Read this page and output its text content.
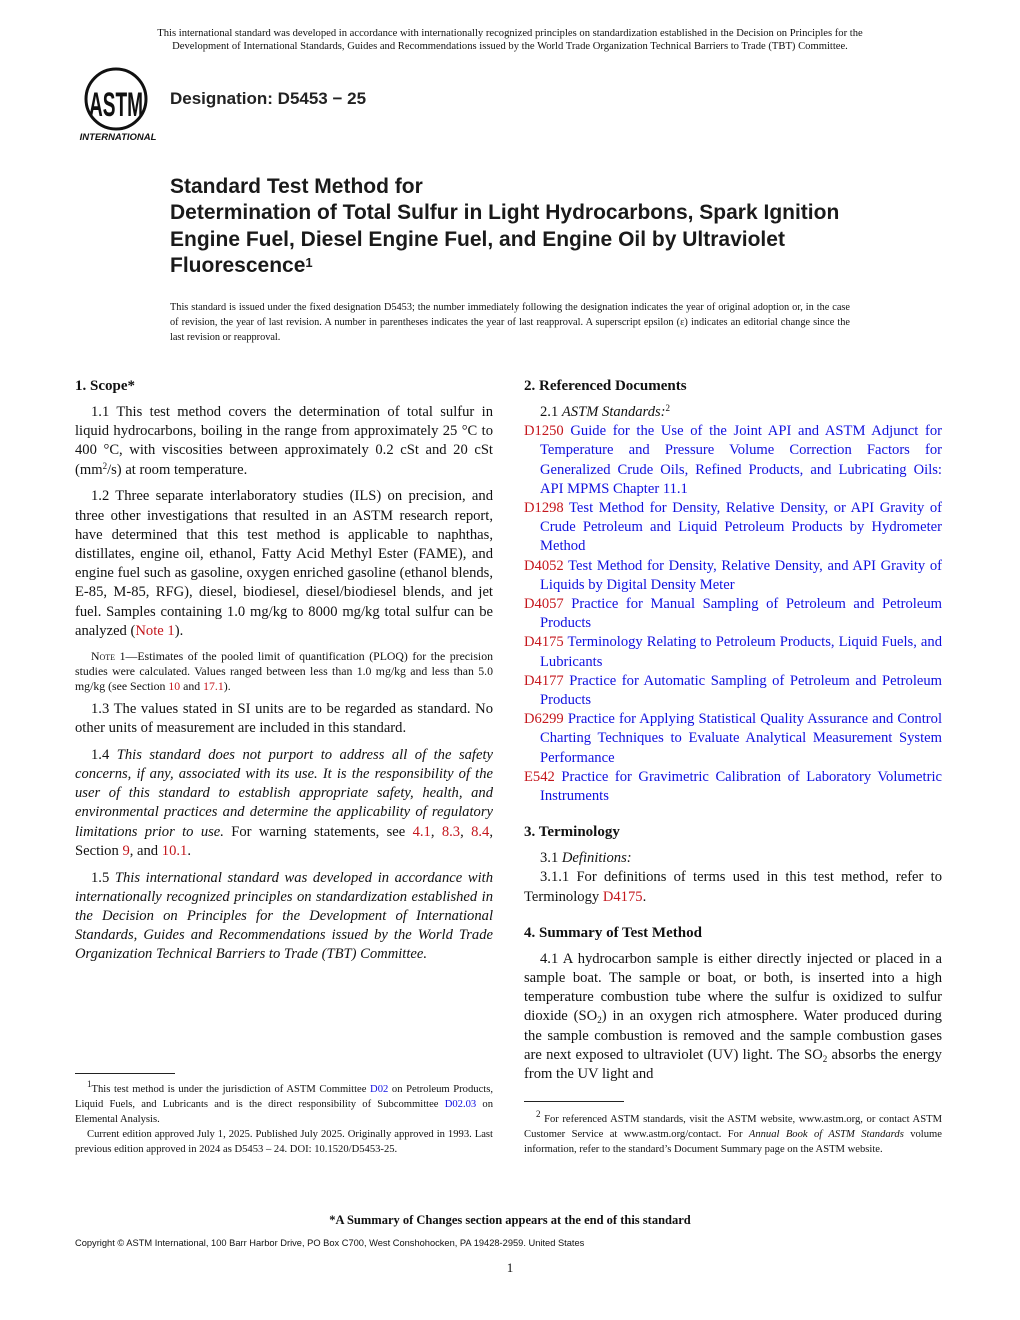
This international standard was developed in accordance with internationally recognized principles on standardization established in the Decision on Principles for the
Development of International Standards, Guides and Recommendations issued by the World Trade Organization Technical Barriers to Trade (TBT) Committee.
ASTM
INTERNATIONAL
Designation: D5453 − 25
Standard Test Method for
Determination of Total Sulfur in Light Hydrocarbons, Spark Ignition Engine Fuel, Diesel Engine Fuel, and Engine Oil by Ultraviolet Fluorescence$^1$
This standard is issued under the fixed designation D5453; the number immediately following the designation indicates the year of original adoption or, in the case of revision, the year of last revision. A number in parentheses indicates the year of last reapproval. A superscript epsilon (ε) indicates an editorial change since the last revision or reapproval.
1. Scope*

1.1 This test method covers the determination of total sulfur in liquid hydrocarbons, boiling in the range from approximately 25 °C to 400 °C, with viscosities between approximately 0.2 cSt and 20 cSt $(mm^2/s)$ at room temperature.

1.2 Three separate interlaboratory studies (ILS) on precision, and three other investigations that resulted in an ASTM research report, have determined that this test method is applicable to naphthas, distillates, engine oil, ethanol, Fatty Acid Methyl Ester (FAME), and engine fuel such as gasoline, oxygen enriched gasoline (ethanol blends, E-85, M-85, RFG), diesel, biodiesel, diesel/biodiesel blends, and jet fuel. Samples containing 1.0 mg/kg to 8000 mg/kg total sulfur can be analyzed (Note 1).

Note 1—Estimates of the pooled limit of quantification (PLOQ) for the precision studies were calculated. Values ranged between less than 1.0 mg/kg and less than 5.0 mg/kg (see Section 10 and 17.1).

1.3 The values stated in SI units are to be regarded as standard. No other units of measurement are included in this standard.

1.4 This standard does not purport to address all of the safety concerns, if any, associated with its use. It is the responsibility of the user of this standard to establish appropriate safety, health, and environmental practices and determine the applicability of regulatory limitations prior to use. For warning statements, see 4.1, 8.3, 8.4, Section 9, and 10.1.

1.5 This international standard was developed in accordance with internationally recognized principles on standardization established in the Decision on Principles for the Development of International Standards, Guides and Recommendations issued by the World Trade Organization Technical Barriers to Trade (TBT) Committee.

2. Referenced Documents

2.1 ASTM Standards:$^2$

D1250 Guide for the Use of the Joint API and ASTM Adjunct for Temperature and Pressure Volume Correction Factors for Generalized Crude Oils, Refined Products, and Lubricating Oils: API MPMS Chapter 11.1

D1298 Test Method for Density, Relative Density, or API Gravity of Crude Petroleum and Liquid Petroleum Products by Hydrometer Method

D4052 Test Method for Density, Relative Density, and API Gravity of Liquids by Digital Density Meter

D4057 Practice for Manual Sampling of Petroleum and Petroleum Products

D4175 Terminology Relating to Petroleum Products, Liquid Fuels, and Lubricants

D4177 Practice for Automatic Sampling of Petroleum and Petroleum Products

D6299 Practice for Applying Statistical Quality Assurance and Control Charting Techniques to Evaluate Analytical Measurement System Performance

E542 Practice for Gravimetric Calibration of Laboratory Volumetric Instruments

3. Terminology

3.1 Definitions:

3.1.1 For definitions of terms used in this test method, refer to Terminology D4175.

4. Summary of Test Method

4.1 A hydrocarbon sample is either directly injected or placed in a sample boat. The sample or boat, or both, is inserted into a high temperature combustion tube where the sulfur is oxidized to sulfur dioxide $(SO_2)$ in an oxygen rich atmosphere. Water produced during the sample combustion is removed and the sample combustion gases are next exposed to ultraviolet (UV) light. The $SO_2$ absorbs the energy from the UV light and

$^1$This test method is under the jurisdiction of ASTM Committee D02 on Petroleum Products, Liquid Fuels, and Lubricants and is the direct responsibility of Subcommittee D02.03 on Elemental Analysis.

Current edition approved July 1, 2025. Published July 2025. Originally approved in 1993. Last previous edition approved in 2024 as D5453 – 24. DOI: 10.1520/D5453-25.

$^2$ For referenced ASTM standards, visit the ASTM website, www.astm.org, or contact ASTM Customer Service at www.astm.org/contact. For Annual Book of ASTM Standards volume information, refer to the standard’s Document Summary page on the ASTM website.

*A Summary of Changes section appears at the end of this standard
Copyright © ASTM International, 100 Barr Harbor Drive, PO Box C700, West Conshohocken, PA 19428-2959. United States
1
